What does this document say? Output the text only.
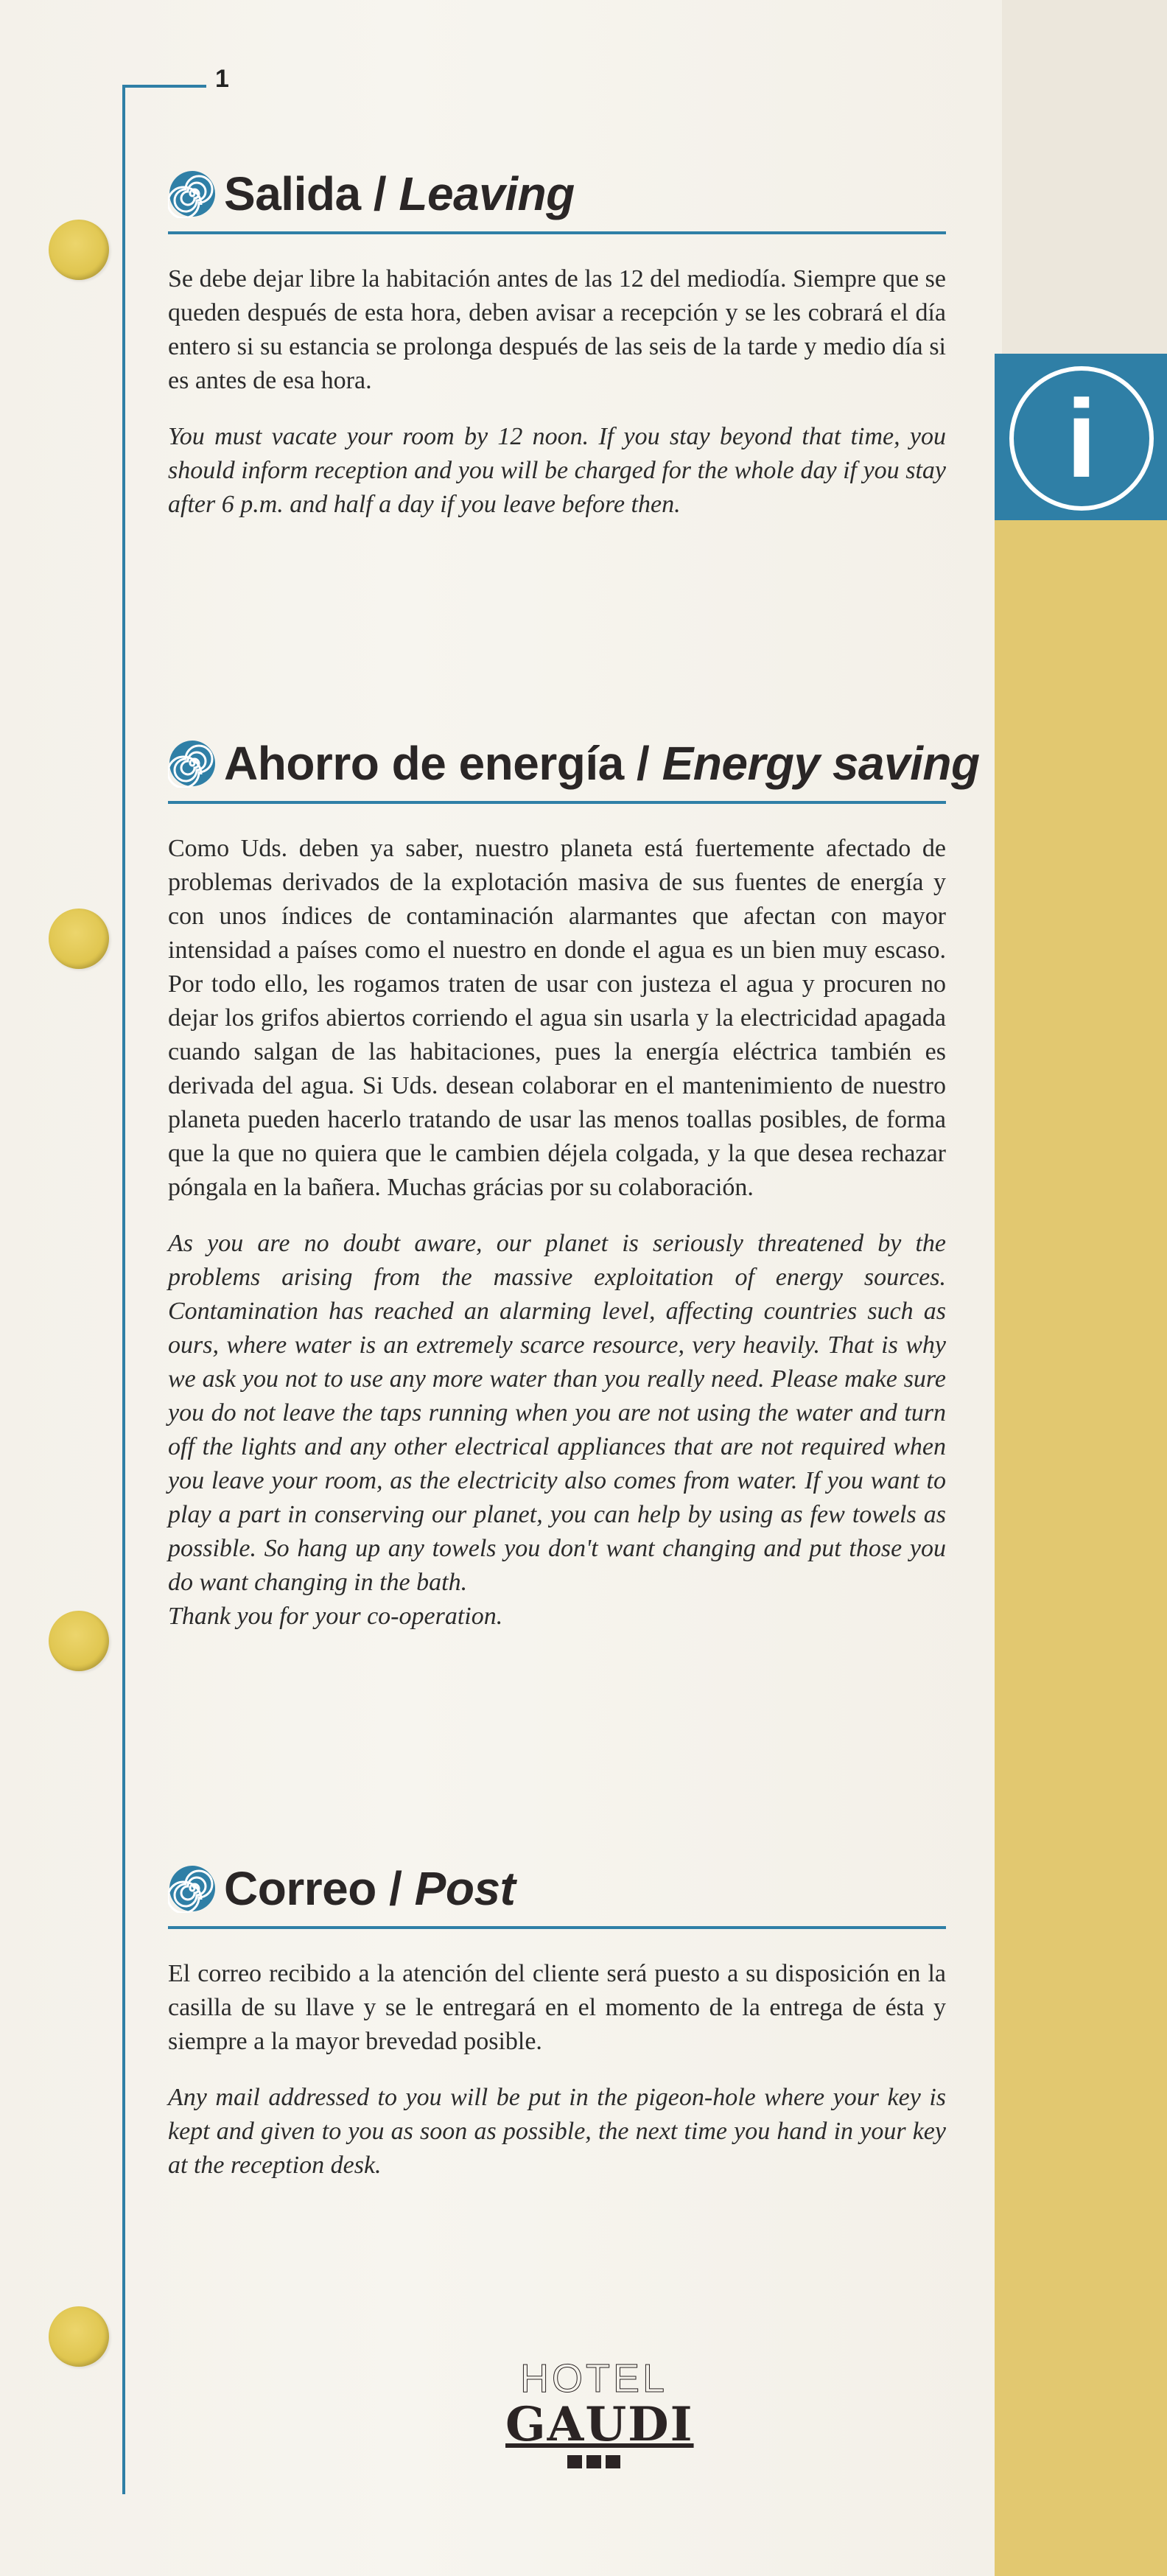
i
1
Salida / Leaving

Se debe dejar libre la habitación antes de las 12 del mediodía. Siempre que se queden después de esta hora, deben avisar a recepción y se les cobrará el día entero si su estancia se prolonga después de las seis de la tarde y medio día si es antes de esa hora.

You must vacate your room by 12 noon. If you stay beyond that time, you should inform reception and you will be charged for the whole day if you stay after 6 p.m. and half a day if you leave before then.

Ahorro de energía / Energy saving

Como Uds. deben ya saber, nuestro planeta está fuertemente afectado de problemas derivados de la explotación masiva de sus fuentes de energía y con unos índices de contaminación alarmantes que afectan con mayor intensidad a países como el nuestro en donde el agua es un bien muy escaso. Por todo ello, les rogamos traten de usar con justeza el agua y procuren no dejar los grifos abiertos corriendo el agua sin usarla y la electricidad apagada cuando salgan de las habitaciones, pues la energía eléctrica también es derivada del agua. Si Uds. desean colaborar en el mantenimiento de nuestro planeta pueden hacerlo tratando de usar las menos toallas posibles, de forma que la que no quiera que le cambien déjela colgada, y la que desea rechazar póngala en la bañera. Muchas grácias por su colaboración.

As you are no doubt aware, our planet is seriously threatened by the problems arising from the massive exploitation of energy sources. Contamination has reached an alarming level, affecting countries such as ours, where water is an extremely scarce resource, very heavily. That is why we ask you not to use any more water than you really need. Please make sure you do not leave the taps running when you are not using the water and turn off the lights and any other electrical appliances that are not required when you leave your room, as the electricity also comes from water. If you want to play a part in conserving our planet, you can help by using as few towels as possible. So hang up any towels you don't want changing and put those you do want changing in the bath.

Thank you for your co-operation.

Correo / Post

El correo recibido a la atención del cliente será puesto a su disposición en la casilla de su llave y se le entregará en el momento de la entrega de ésta y siempre a la mayor brevedad posible.

Any mail addressed to you will be put in the pigeon-hole where your key is kept and given to you as soon as possible, the next time you hand in your key at the reception desk.

HOTEL
GAUDI
